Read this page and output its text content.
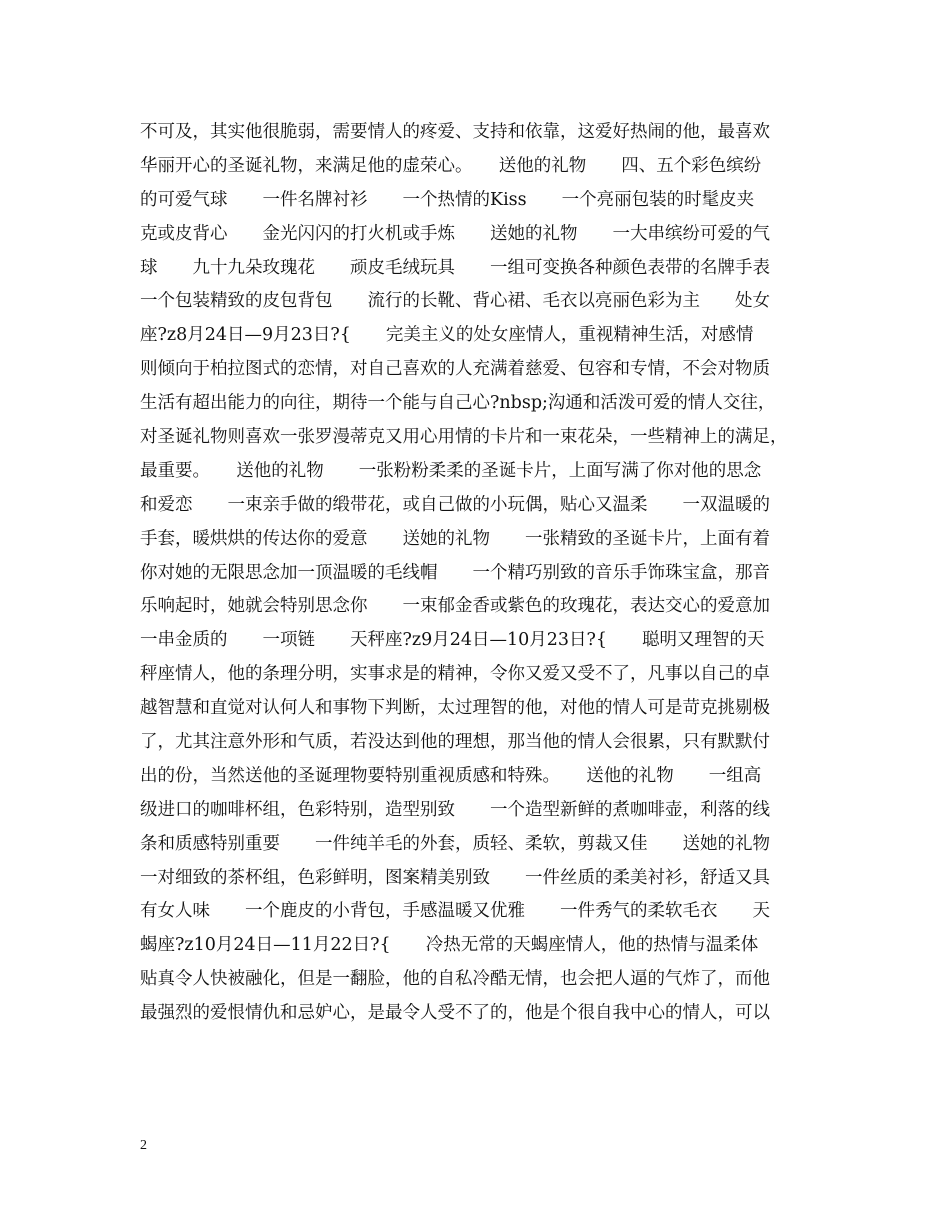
不可及，其实他很脆弱，需要情人的疼爱、支持和依靠，这爱好热闹的他，最喜欢
华丽开心的圣诞礼物，来满足他的虚荣心。　　送他的礼物　　四、五个彩色缤纷
的可爱气球　　一件名牌衬衫　　一个热情的Kiss　　一个亮丽包装的时髦皮夹
克或皮背心　　金光闪闪的打火机或手炼　　送她的礼物　　一大串缤纷可爱的气
球　　九十九朵玫瑰花　　顽皮毛绒玩具　　一组可变换各种颜色表带的名牌手表
一个包装精致的皮包背包　　流行的长靴、背心裙、毛衣以亮丽色彩为主　　处女
座?z8月24日—9月23日?{　　完美主义的处女座情人，重视精神生活，对感情
则倾向于柏拉图式的恋情，对自己喜欢的人充满着慈爱、包容和专情，不会对物质
生活有超出能力的向往，期待一个能与自己心?nbsp;沟通和活泼可爱的情人交往，
对圣诞礼物则喜欢一张罗漫蒂克又用心用情的卡片和一束花朵，一些精神上的满足，
最重要。　　送他的礼物　　一张粉粉柔柔的圣诞卡片，上面写满了你对他的思念
和爱恋　　一束亲手做的缎带花，或自己做的小玩偶，贴心又温柔　　一双温暖的
手套，暖烘烘的传达你的爱意　　送她的礼物　　一张精致的圣诞卡片，上面有着
你对她的无限思念加一顶温暖的毛线帽　　一个精巧别致的音乐手饰珠宝盒，那音
乐响起时，她就会特别思念你　　一束郁金香或紫色的玫瑰花，表达交心的爱意加
一串金质的　　一项链　　天秤座?z9月24日—10月23日?{　　聪明又理智的天
秤座情人，他的条理分明，实事求是的精神，令你又爱又受不了，凡事以自己的卓
越智慧和直觉对认何人和事物下判断，太过理智的他，对他的情人可是苛克挑剔极
了，尤其注意外形和气质，若没达到他的理想，那当他的情人会很累，只有默默付
出的份，当然送他的圣诞理物要特别重视质感和特殊。　　送他的礼物　　一组高
级进口的咖啡杯组，色彩特别，造型别致　　一个造型新鲜的煮咖啡壶，利落的线
条和质感特别重要　　一件纯羊毛的外套，质轻、柔软，剪裁又佳　　送她的礼物
一对细致的茶杯组，色彩鲜明，图案精美别致　　一件丝质的柔美衬衫，舒适又具
有女人味　　一个鹿皮的小背包，手感温暖又优雅　　一件秀气的柔软毛衣　　天
蝎座?z10月24日—11月22日?{　　冷热无常的天蝎座情人，他的热情与温柔体
贴真令人快被融化，但是一翻脸，他的自私冷酷无情，也会把人逼的气炸了，而他
最强烈的爱恨情仇和忌妒心，是最令人受不了的，他是个很自我中心的情人，可以
2
